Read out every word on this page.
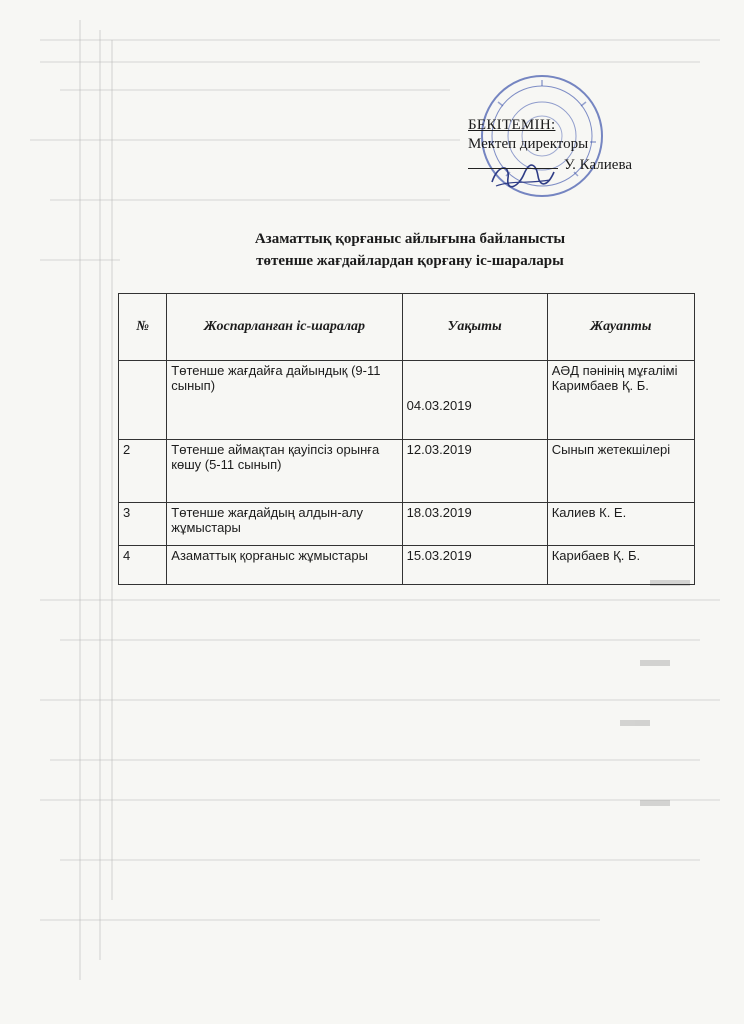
БЕКІТЕМІН:
Мектеп директоры
У. Калиева
Азаматтық қорғаныс айлығына байланысты
төтенше жағдайлардан қорғану іс-шаралары
№	Жоспарланған іс-шаралар	Уақыты	Жауапты
	Төтенше жағдайға дайындық (9-11 сынып)	04.03.2019	АӘД пәнінің мұғалімі Каримбаев Қ. Б.
2	Төтенше аймақтан қауіпсіз орынға көшу (5-11 сынып)	12.03.2019	Сынып жетекшілері
3	Төтенше жағдайдың алдын-алу жұмыстары	18.03.2019	Калиев К. Е.
4	Азаматтық қорғаныс жұмыстары	15.03.2019	Карибаев Қ. Б.
